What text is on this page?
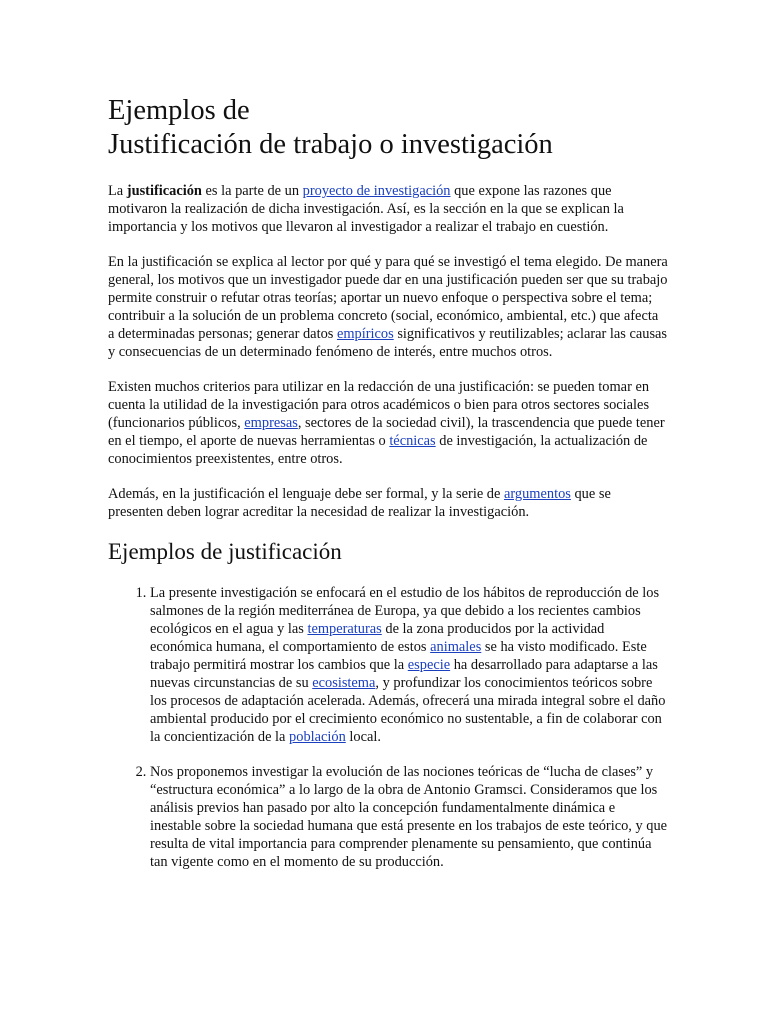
Ejemplos de
Justificación de trabajo o investigación

La justificación es la parte de un proyecto de investigación que expone las razones que motivaron la realización de dicha investigación. Así, es la sección en la que se explican la importancia y los motivos que llevaron al investigador a realizar el trabajo en cuestión.

En la justificación se explica al lector por qué y para qué se investigó el tema elegido. De manera general, los motivos que un investigador puede dar en una justificación pueden ser que su trabajo permite construir o refutar otras teorías; aportar un nuevo enfoque o perspectiva sobre el tema; contribuir a la solución de un problema concreto (social, económico, ambiental, etc.) que afecta a determinadas personas; generar datos empíricos significativos y reutilizables; aclarar las causas y consecuencias de un determinado fenómeno de interés, entre muchos otros.

Existen muchos criterios para utilizar en la redacción de una justificación: se pueden tomar en cuenta la utilidad de la investigación para otros académicos o bien para otros sectores sociales (funcionarios públicos, empresas, sectores de la sociedad civil), la trascendencia que puede tener en el tiempo, el aporte de nuevas herramientas o técnicas de investigación, la actualización de conocimientos preexistentes, entre otros.

Además, en la justificación el lenguaje debe ser formal, y la serie de argumentos que se presenten deben lograr acreditar la necesidad de realizar la investigación.

Ejemplos de justificación
1. La presente investigación se enfocará en el estudio de los hábitos de reproducción de los salmones de la región mediterránea de Europa, ya que debido a los recientes cambios ecológicos en el agua y las temperaturas de la zona producidos por la actividad económica humana, el comportamiento de estos animales se ha visto modificado. Este trabajo permitirá mostrar los cambios que la especie ha desarrollado para adaptarse a las nuevas circunstancias de su ecosistema, y profundizar los conocimientos teóricos sobre los procesos de adaptación acelerada. Además, ofrecerá una mirada integral sobre el daño ambiental producido por el crecimiento económico no sustentable, a fin de colaborar con la concientización de la población local.
2. Nos proponemos investigar la evolución de las nociones teóricas de “lucha de clases” y “estructura económica” a lo largo de la obra de Antonio Gramsci. Consideramos que los análisis previos han pasado por alto la concepción fundamentalmente dinámica e inestable sobre la sociedad humana que está presente en los trabajos de este teórico, y que resulta de vital importancia para comprender plenamente su pensamiento, que continúa tan vigente como en el momento de su producción.
